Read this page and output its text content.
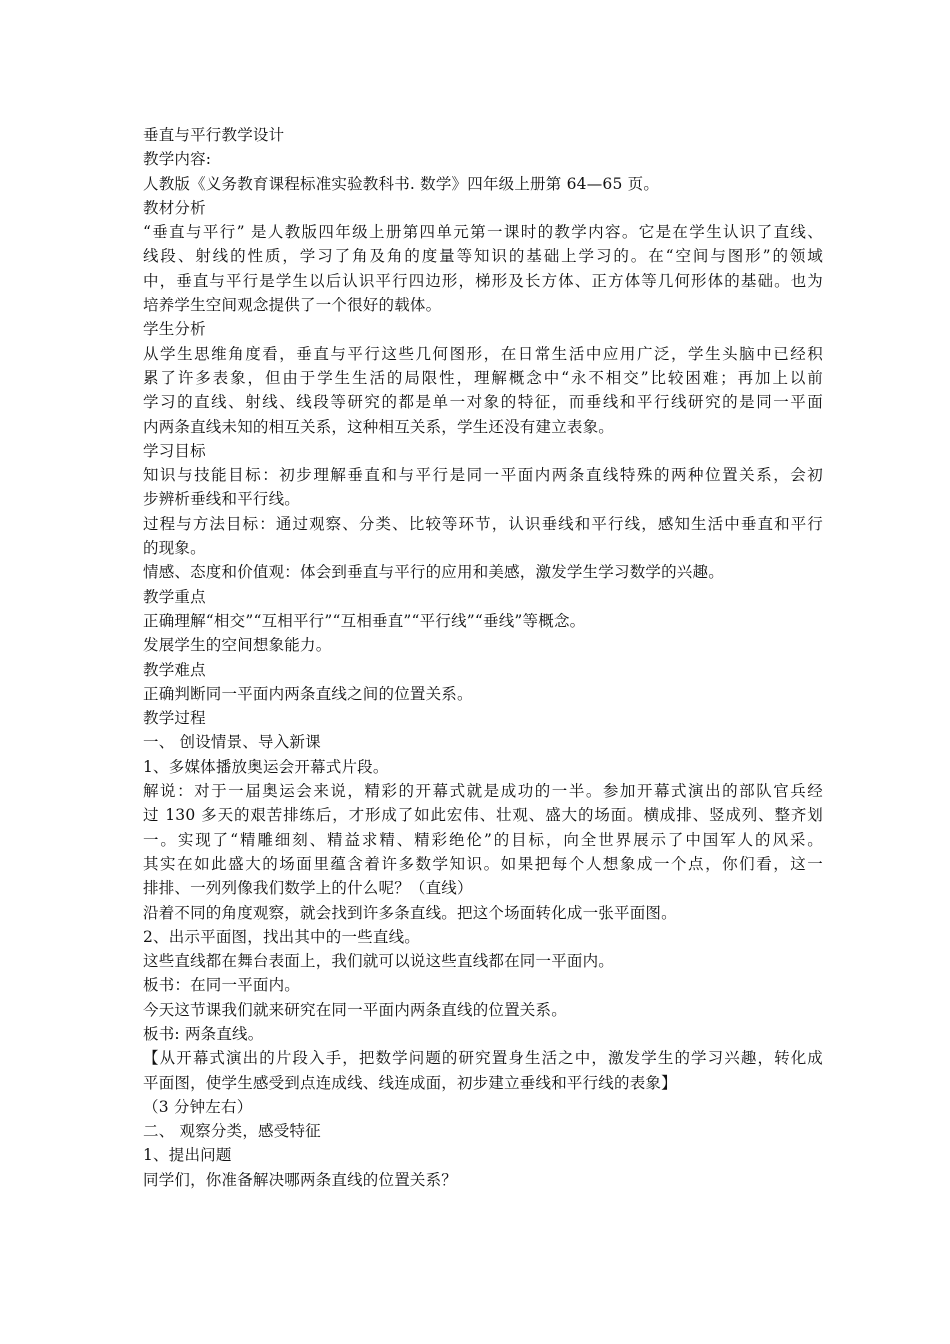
垂直与平行教学设计
教学内容:
人教版《义务教育课程标准实验教科书. 数学》四年级上册第 64—65 页。
教材分析
“垂直与平行” 是人教版四年级上册第四单元第一课时的教学内容。它是在学生认识了直线、
线段、射线的性质，学习了角及角的度量等知识的基础上学习的。在“空间与图形”的领域
中，垂直与平行是学生以后认识平行四边形，梯形及长方体、正方体等几何形体的基础。也为
培养学生空间观念提供了一个很好的载体。
学生分析
从学生思维角度看，垂直与平行这些几何图形，在日常生活中应用广泛，学生头脑中已经积
累了许多表象，但由于学生生活的局限性，理解概念中“永不相交”比较困难；再加上以前
学习的直线、射线、线段等研究的都是单一对象的特征，而垂线和平行线研究的是同一平面
内两条直线未知的相互关系，这种相互关系，学生还没有建立表象。
学习目标
知识与技能目标：初步理解垂直和与平行是同一平面内两条直线特殊的两种位置关系，会初
步辨析垂线和平行线。
过程与方法目标：通过观察、分类、比较等环节，认识垂线和平行线，感知生活中垂直和平行
的现象。
情感、态度和价值观：体会到垂直与平行的应用和美感，激发学生学习数学的兴趣。
教学重点
正确理解“相交”“互相平行”“互相垂直”“平行线”“垂线”等概念。
发展学生的空间想象能力。
教学难点
正确判断同一平面内两条直线之间的位置关系。
教学过程
一、 创设情景、导入新课
1、多媒体播放奥运会开幕式片段。
解说：对于一届奥运会来说，精彩的开幕式就是成功的一半。参加开幕式演出的部队官兵经
过 130 多天的艰苦排练后，才形成了如此宏伟、壮观、盛大的场面。横成排、竖成列、整齐划
一。实现了“精雕细刻、精益求精、精彩绝伦”的目标，向全世界展示了中国军人的风采。
其实在如此盛大的场面里蕴含着许多数学知识。如果把每个人想象成一个点，你们看，这一
排排、一列列像我们数学上的什么呢？（直线）
沿着不同的角度观察，就会找到许多条直线。把这个场面转化成一张平面图。
2、出示平面图，找出其中的一些直线。
这些直线都在舞台表面上，我们就可以说这些直线都在同一平面内。
板书：在同一平面内。
今天这节课我们就来研究在同一平面内两条直线的位置关系。
板书: 两条直线。
【从开幕式演出的片段入手，把数学问题的研究置身生活之中，激发学生的学习兴趣，转化成
平面图，使学生感受到点连成线、线连成面，初步建立垂线和平行线的表象】
（3 分钟左右）
二、 观察分类，感受特征
1、提出问题
同学们，你准备解决哪两条直线的位置关系？
